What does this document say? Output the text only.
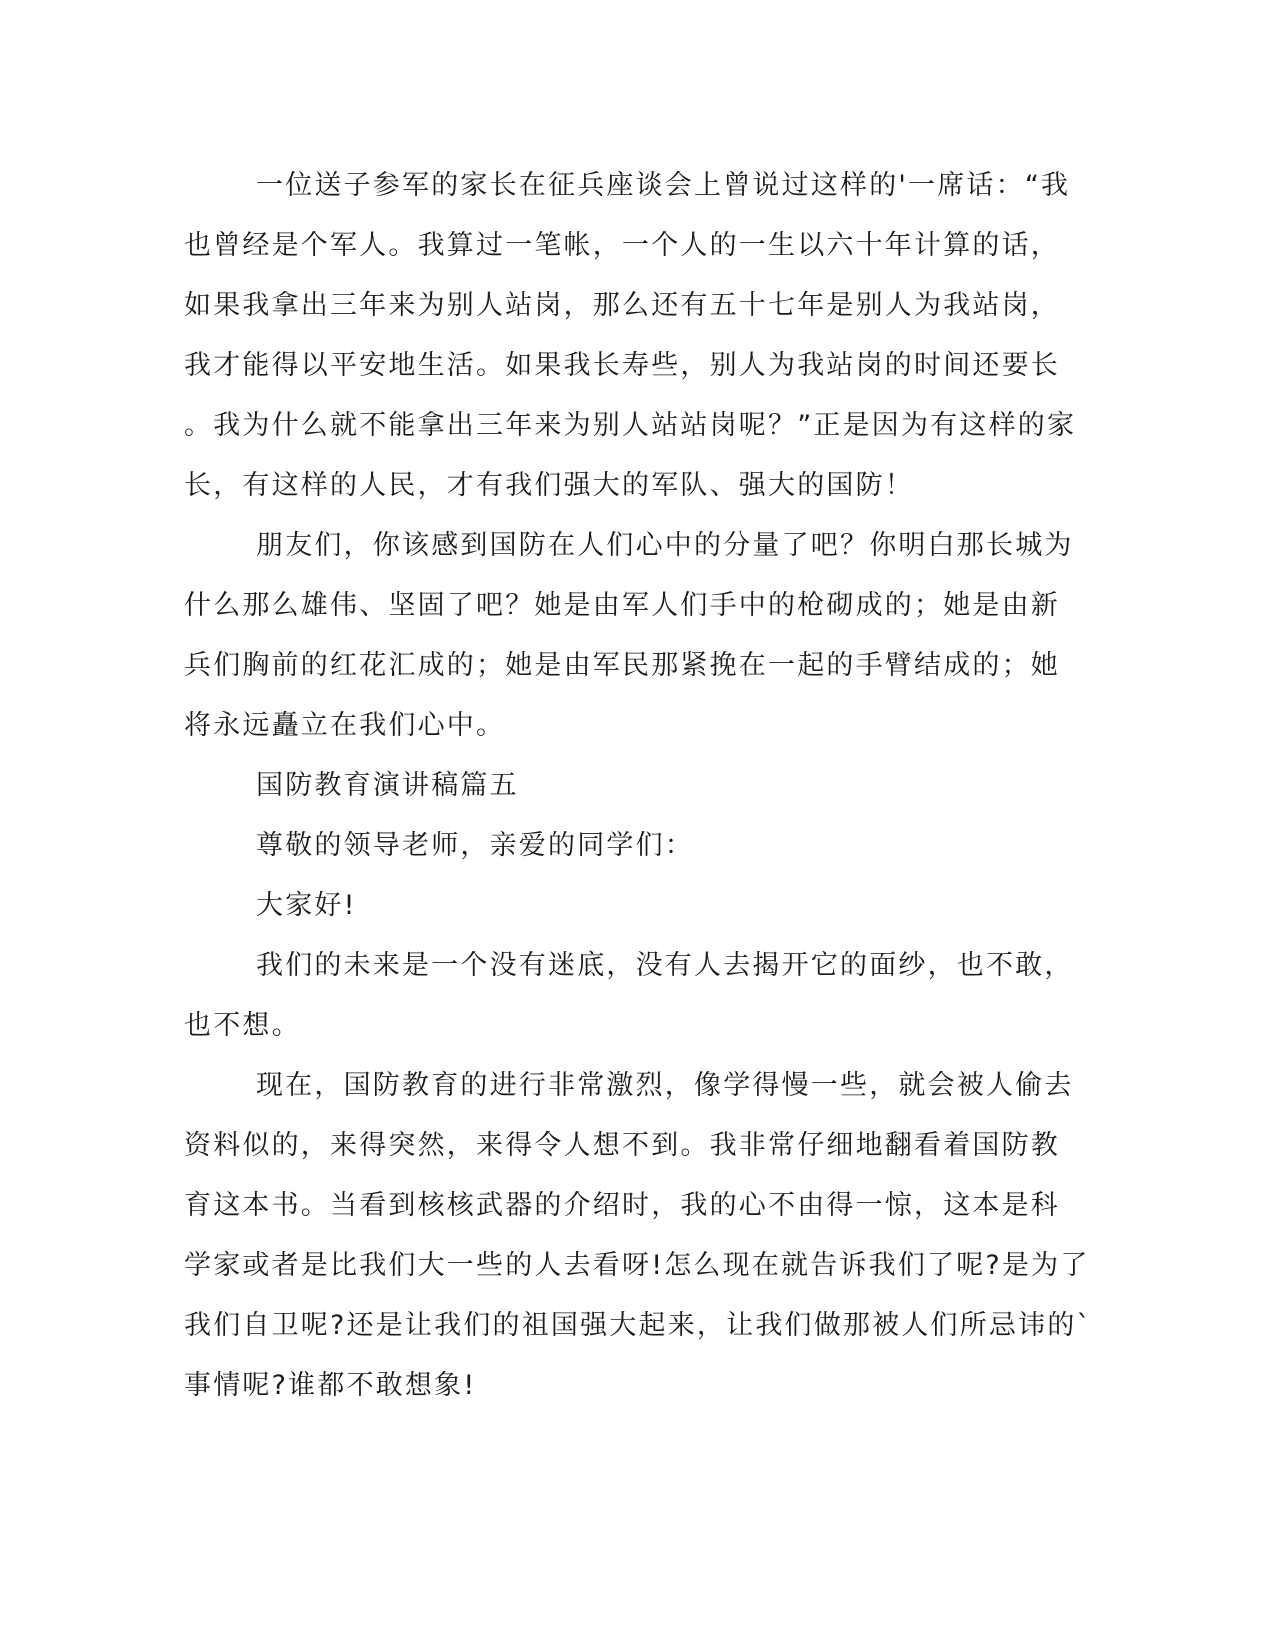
一位送子参军的家长在征兵座谈会上曾说过这样的'一席话：“我
也曾经是个军人。我算过一笔帐，一个人的一生以六十年计算的话，
如果我拿出三年来为别人站岗，那么还有五十七年是别人为我站岗，
我才能得以平安地生活。如果我长寿些，别人为我站岗的时间还要长
。我为什么就不能拿出三年来为别人站站岗呢？”正是因为有这样的家
长，有这样的人民，才有我们强大的军队、强大的国防！
朋友们，你该感到国防在人们心中的分量了吧？你明白那长城为
什么那么雄伟、坚固了吧？她是由军人们手中的枪砌成的；她是由新
兵们胸前的红花汇成的；她是由军民那紧挽在一起的手臂结成的；她
将永远矗立在我们心中。
国防教育演讲稿篇五
尊敬的领导老师，亲爱的同学们：
大家好!
我们的未来是一个没有迷底，没有人去揭开它的面纱，也不敢，
也不想。
现在，国防教育的进行非常激烈，像学得慢一些，就会被人偷去
资料似的，来得突然，来得令人想不到。我非常仔细地翻看着国防教
育这本书。当看到核核武器的介绍时，我的心不由得一惊，这本是科
学家或者是比我们大一些的人去看呀!怎么现在就告诉我们了呢?是为了
我们自卫呢?还是让我们的祖国强大起来，让我们做那被人们所忌讳的`
事情呢?谁都不敢想象!
